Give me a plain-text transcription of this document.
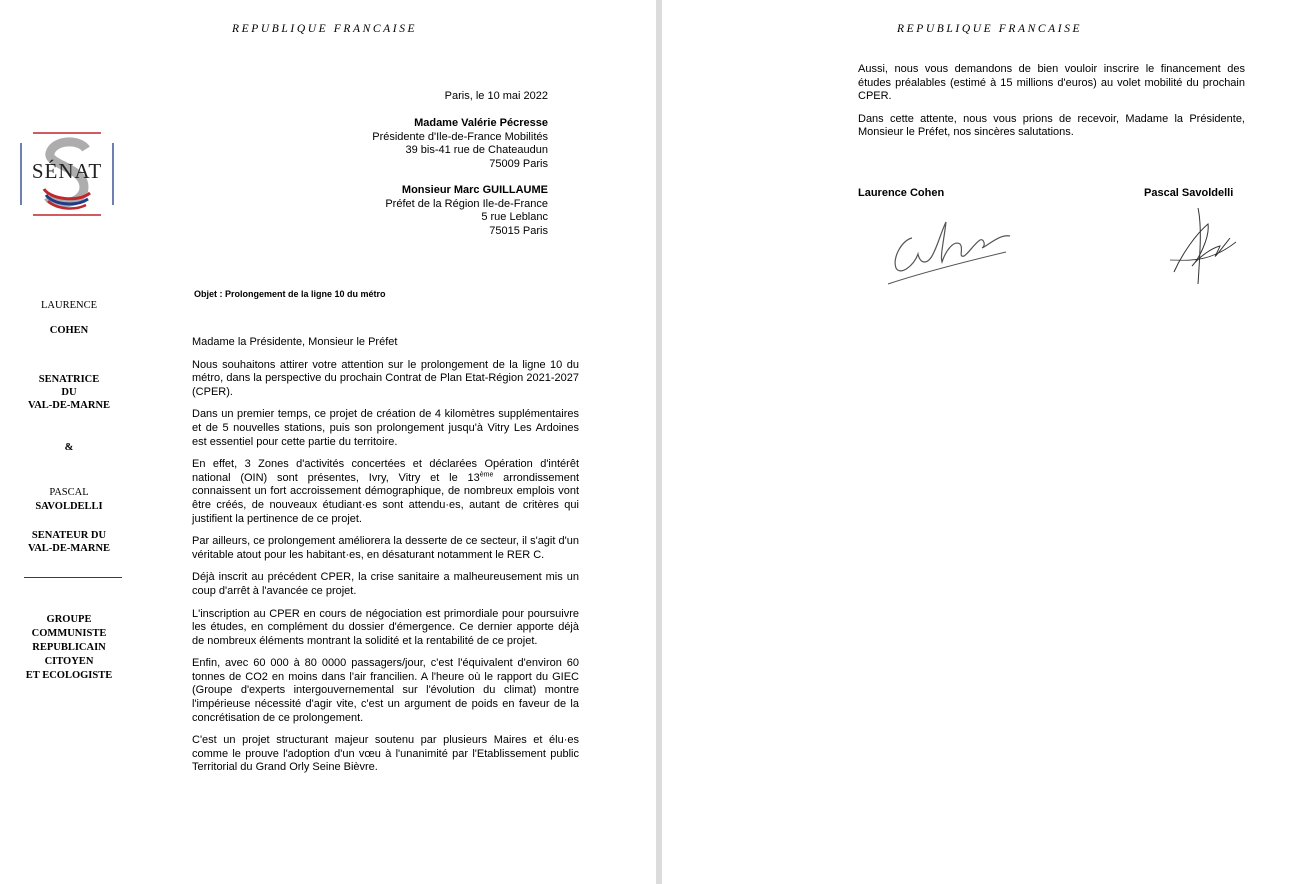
REPUBLIQUE FRANCAISE
SÉNAT
Paris, le 10 mai 2022
Madame Valérie Pécresse
Présidente d'Ile-de-France Mobilités
39 bis-41 rue de Chateaudun
75009 Paris
Monsieur Marc GUILLAUME
Préfet de la Région Ile-de-France
5 rue Leblanc
75015 Paris
Objet : Prolongement de la ligne 10 du métro
LAURENCE
COHEN
SENATRICE
DU
VAL-DE-MARNE
&
PASCAL
SAVOLDELLI
SENATEUR DU
VAL-DE-MARNE
GROUPE
COMMUNISTE
REPUBLICAIN
CITOYEN
ET ECOLOGISTE

Madame la Présidente, Monsieur le Préfet

Nous souhaitons attirer votre attention sur le prolongement de la ligne 10 du métro, dans la perspective du prochain Contrat de Plan Etat-Région 2021-2027 (CPER).

Dans un premier temps, ce projet de création de 4 kilomètres supplémentaires et de 5 nouvelles stations, puis son prolongement jusqu'à Vitry Les Ardoines est essentiel pour cette partie du territoire.

En effet, 3 Zones d'activités concertées et déclarées Opération d'intérêt national (OIN) sont présentes, Ivry, Vitry et le 13ème arrondissement connaissent un fort accroissement démographique, de nombreux emplois vont être créés, de nouveaux étudiant·es sont attendu·es, autant de critères qui justifient la pertinence de ce projet.

Par ailleurs, ce prolongement améliorera la desserte de ce secteur, il s'agit d'un véritable atout pour les habitant·es, en désaturant notamment le RER C.

Déjà inscrit au précédent CPER, la crise sanitaire a malheureusement mis un coup d'arrêt à l'avancée ce projet.

L'inscription au CPER en cours de négociation est primordiale pour poursuivre les études, en complément du dossier d'émergence. Ce dernier apporte déjà de nombreux éléments montrant la solidité et la rentabilité de ce projet.

Enfin, avec 60 000 à 80 0000 passagers/jour, c'est l'équivalent d'environ 60 tonnes de CO2 en moins dans l'air francilien. A l'heure où le rapport du GIEC (Groupe d'experts intergouvernemental sur l'évolution du climat) montre l'impérieuse nécessité d'agir vite, c'est un argument de poids en faveur de la concrétisation de ce prolongement.

C'est un projet structurant majeur soutenu par plusieurs Maires et élu·es comme le prouve l'adoption d'un vœu à l'unanimité par l'Etablissement public Territorial du Grand Orly Seine Bièvre.

REPUBLIQUE FRANCAISE

Aussi, nous vous demandons de bien vouloir inscrire le financement des études préalables (estimé à 15 millions d'euros) au volet mobilité du prochain CPER.

Dans cette attente, nous vous prions de recevoir, Madame la Présidente, Monsieur le Préfet, nos sincères salutations.

Laurence Cohen	Pascal Savoldelli
